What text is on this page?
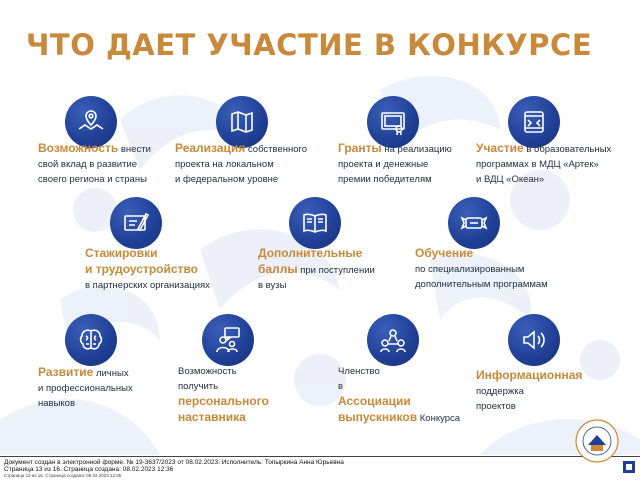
ЧТО ДАЕТ УЧАСТИЕ В КОНКУРСЕ
Возможность внести
свой вклад в развитие
своего региона и страны
Реализация собственного
проекта на локальном
и федеральном уровне
Гранты на реализацию
проекта и денежные
премии победителям
Участие в образовательных
программах в МДЦ «Артек»
и ВДЦ «Океан»
Стажировки
и трудоустройство
в партнерских организациях
Дополнительные
баллы при поступлении
в вузы
Обучение
по специализированным
дополнительным программам
Развитие личных
и профессиональных
навыков
Возможность
получить
персонального
наставника
Членство
в
Ассоциации
выпускников Конкурса
Информационная
поддержка
проектов
Документ создан в электронной форме. № 19-3637/2023 от 08.02.2023. Исполнитель: Топыркина Анна Юрьевна
Страница 13 из 16. Страница создана: 08.02.2023 12:36
Страница 13 из 16. Страница создана: 08.02.2023 12:36
